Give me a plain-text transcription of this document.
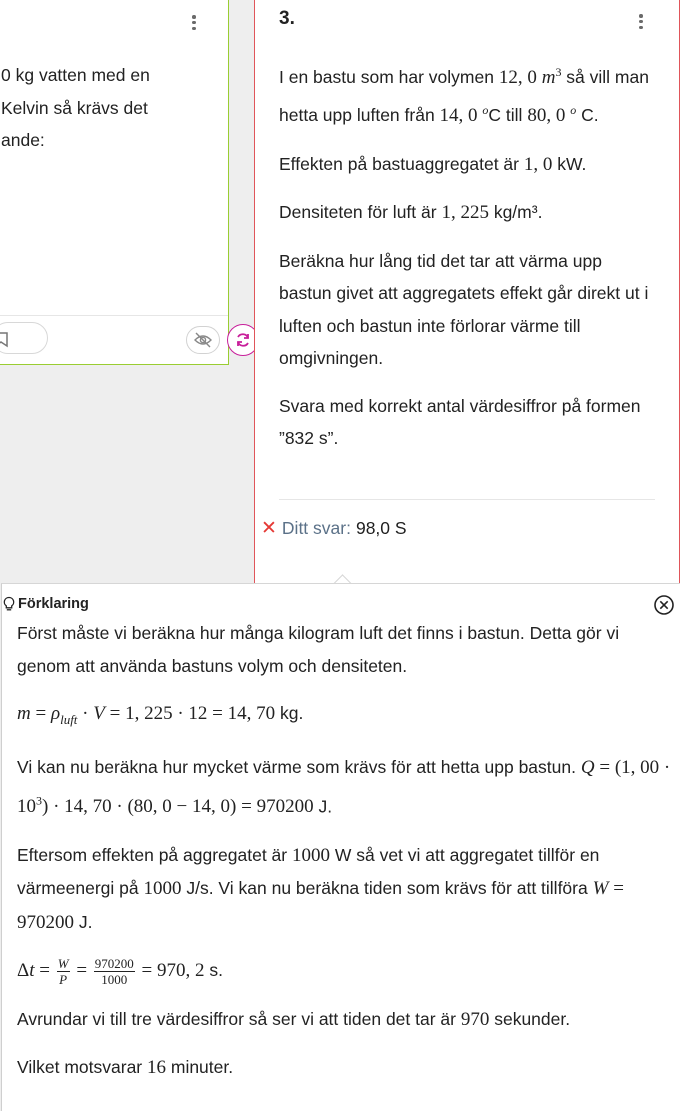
0 kg vatten med en
Kelvin så krävs det
ande:
3.

I en bastu som har volymen 12, 0 $m^3$ så vill man hetta upp luften från 14, 0 $^o$C till 80, 0 $^o$ C.

Effekten på bastuaggregatet är 1, 0 kW.

Densiteten för luft är 1, 225 kg/m³.

Beräkna hur lång tid det tar att värma upp bastun givet att aggregatets effekt går direkt ut i luften och bastun inte förlorar värme till omgivningen.

Svara med korrekt antal värdesiffror på formen ”832 s”.

✕ Ditt svar: 98,0 S
Förklaring

Först måste vi beräkna hur många kilogram luft det finns i bastun. Detta gör vi genom att använda bastuns volym och densiteten.

$m = \rho_{luft} \cdot V = 1$, 225 · 12 = 14, 70 kg.

Vi kan nu beräkna hur mycket värme som krävs för att hetta upp bastun. Q = (1, $00 \cdot 10^3) \cdot 14$, 70 · (80, 0 − 14, 0) = 970200 J.

Eftersom effekten på aggregatet är 1000 W så vet vi att aggregatet tillför en värmeenergi på 1000 J/s. Vi kan nu beräkna tiden som krävs för att tillföra W = 970200 J.

$\Delta t = \frac{W}{P} = \frac{970200}{1000} = 970$, 2 s.

Avrundar vi till tre värdesiffror så ser vi att tiden det tar är 970 sekunder.

Vilket motsvarar 16 minuter.
